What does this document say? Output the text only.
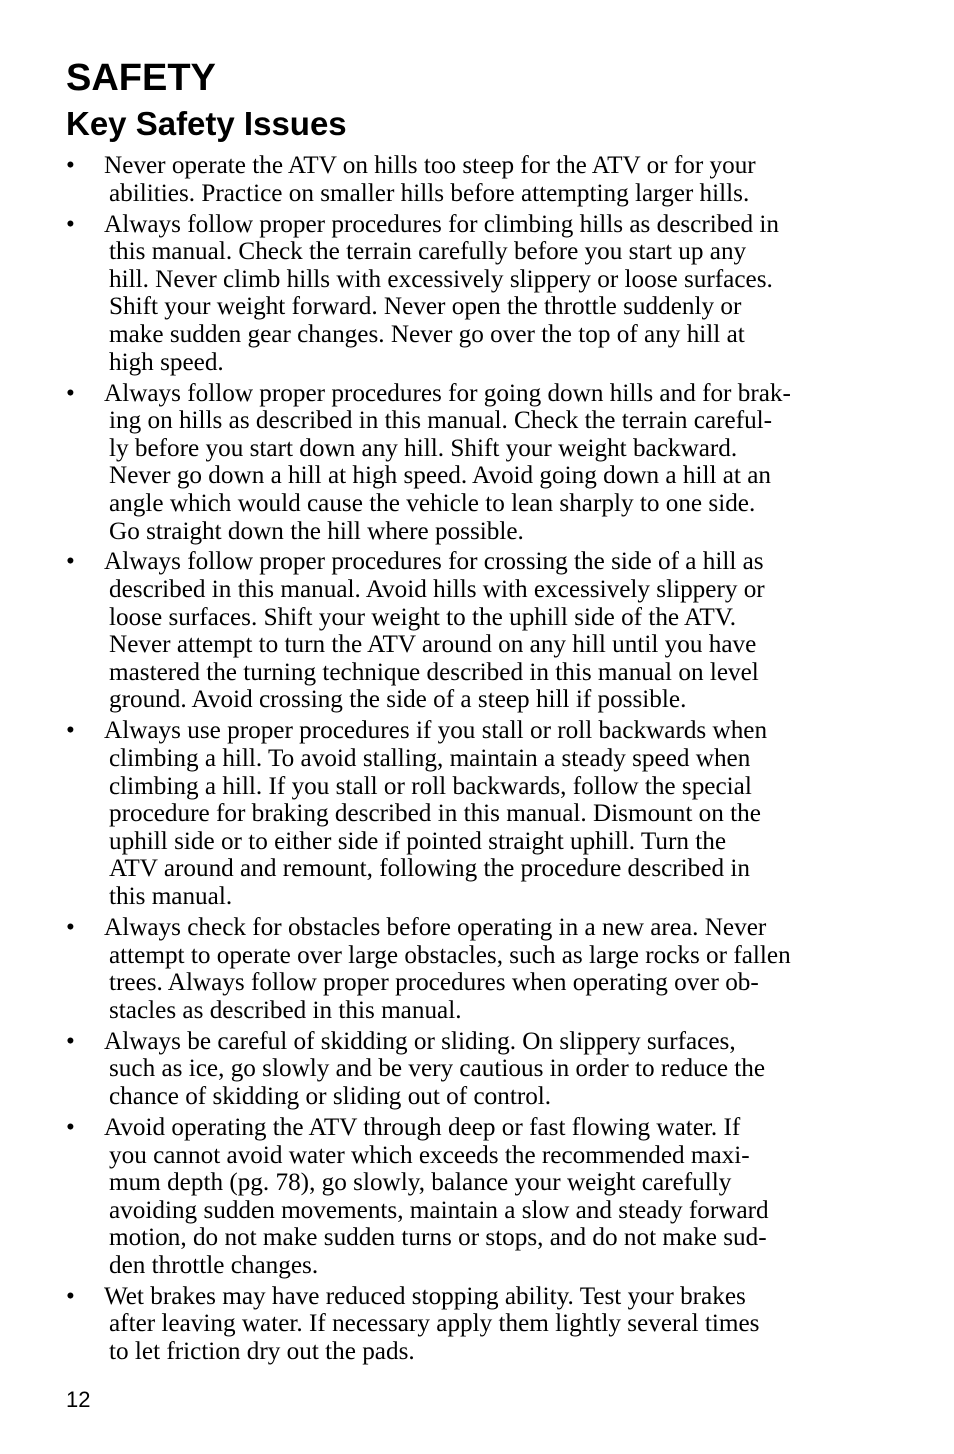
SAFETY
Key Safety Issues
•	Never operate the ATV on hills too steep for the ATV or for your
abilities. Practice on smaller hills before attempting larger hills.
•	Always follow proper procedures for climbing hills as described in
this manual. Check the terrain carefully before you start up any
hill. Never climb hills with excessively slippery or loose surfaces.
Shift your weight forward. Never open the throttle suddenly or
make sudden gear changes. Never go over the top of any hill at
high speed.
•	Always follow proper procedures for going down hills and for brak-
ing on hills as described in this manual. Check the terrain careful-
ly before you start down any hill. Shift your weight backward.
Never go down a hill at high speed. Avoid going down a hill at an
angle which would cause the vehicle to lean sharply to one side.
Go straight down the hill where possible.
•	Always follow proper procedures for crossing the side of a hill as
described in this manual. Avoid hills with excessively slippery or
loose surfaces. Shift your weight to the uphill side of the ATV.
Never attempt to turn the ATV around on any hill until you have
mastered the turning technique described in this manual on level
ground. Avoid crossing the side of a steep hill if possible.
•	Always use proper procedures if you stall or roll backwards when
climbing a hill. To avoid stalling, maintain a steady speed when
climbing a hill. If you stall or roll backwards, follow the special
procedure for braking described in this manual. Dismount on the
uphill side or to either side if pointed straight uphill. Turn the
ATV around and remount, following the procedure described in
this manual.
•	Always check for obstacles before operating in a new area. Never
attempt to operate over large obstacles, such as large rocks or fallen
trees. Always follow proper procedures when operating over ob-
stacles as described in this manual.
•	Always be careful of skidding or sliding. On slippery surfaces,
such as ice, go slowly and be very cautious in order to reduce the
chance of skidding or sliding out of control.
•	Avoid operating the ATV through deep or fast flowing water. If
you cannot avoid water which exceeds the recommended maxi-
mum depth (pg. 78), go slowly, balance your weight carefully
avoiding sudden movements, maintain a slow and steady forward
motion, do not make sudden turns or stops, and do not make sud-
den throttle changes.
•	Wet brakes may have reduced stopping ability. Test your brakes
after leaving water. If necessary apply them lightly several times
to let friction dry out the pads.
12
